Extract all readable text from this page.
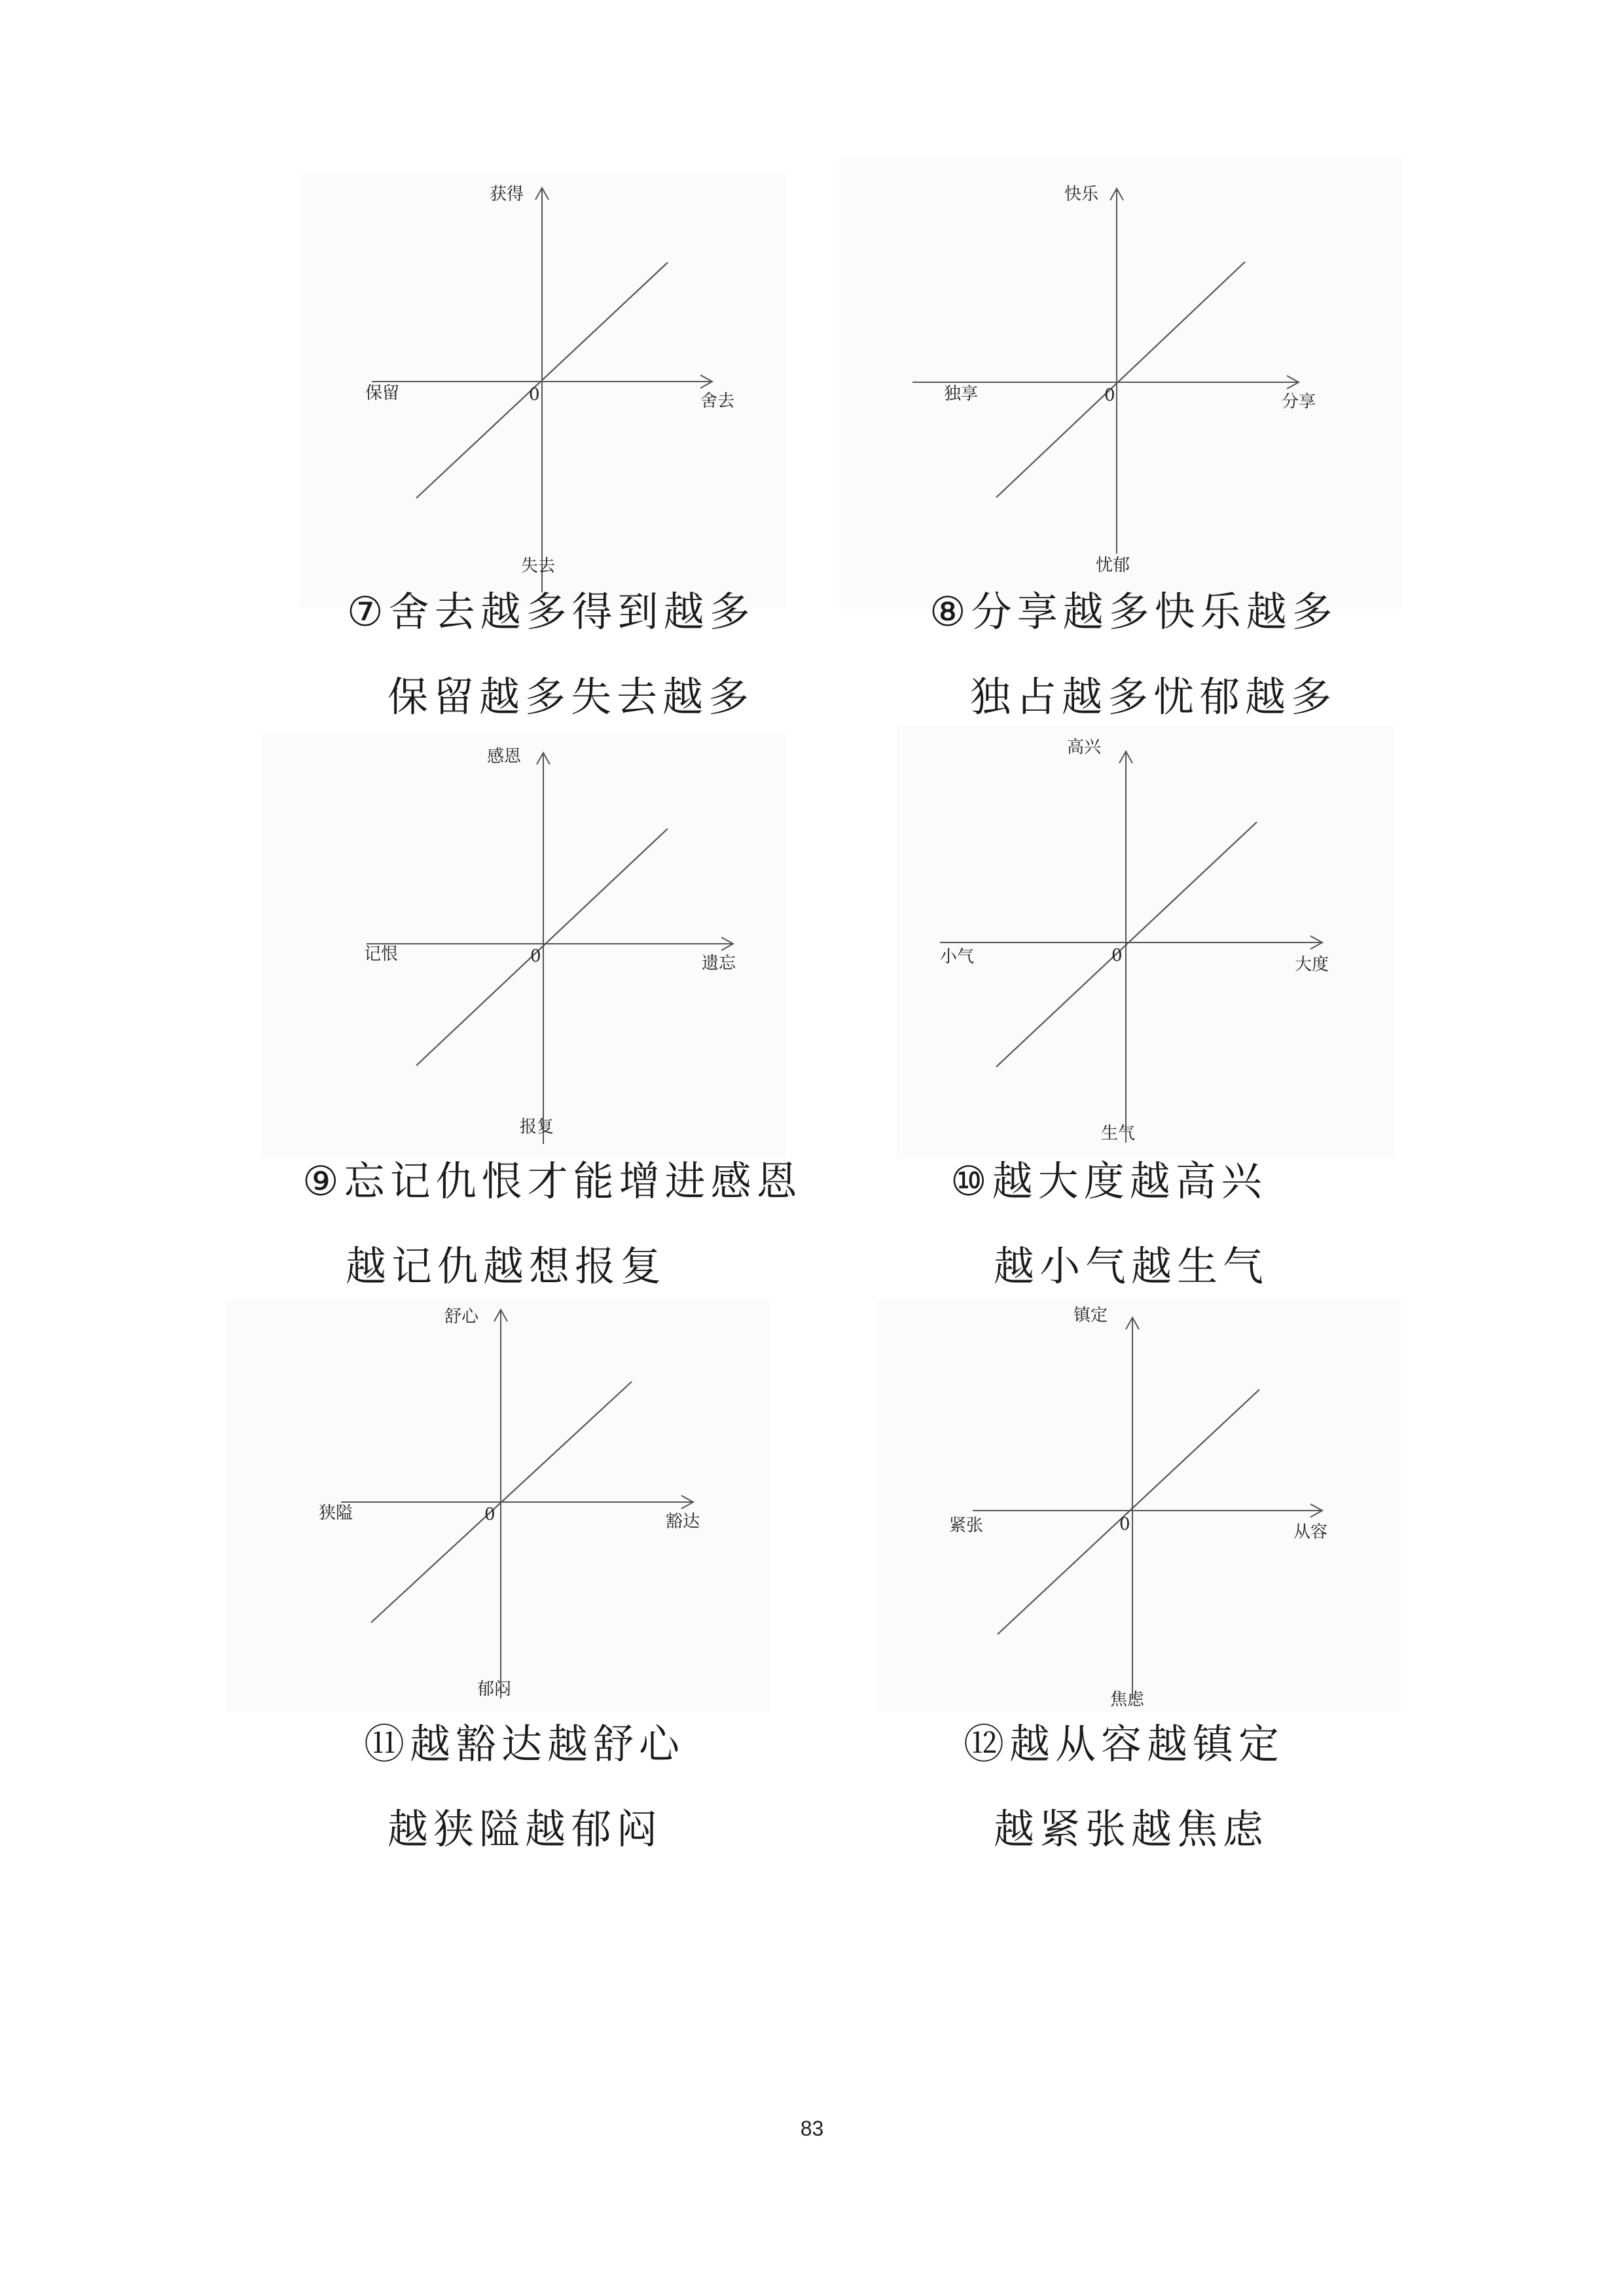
获得
失去
保留	舍去
0
⑦舍去越多得到越多
保留越多失去越多
快乐
忧郁
独享	分享
0
⑧分享越多快乐越多
独占越多忧郁越多
感恩
报复
记恨	遗忘
0
⑨忘记仇恨才能增进感恩
越记仇越想报复
高兴
生气
小气	大度
0
⑩越大度越高兴
越小气越生气
舒心
郁闷
狭隘	豁达
0
⑪越豁达越舒心
越狭隘越郁闷
镇定
焦虑
紧张	从容
0
⑫越从容越镇定
越紧张越焦虑
83
